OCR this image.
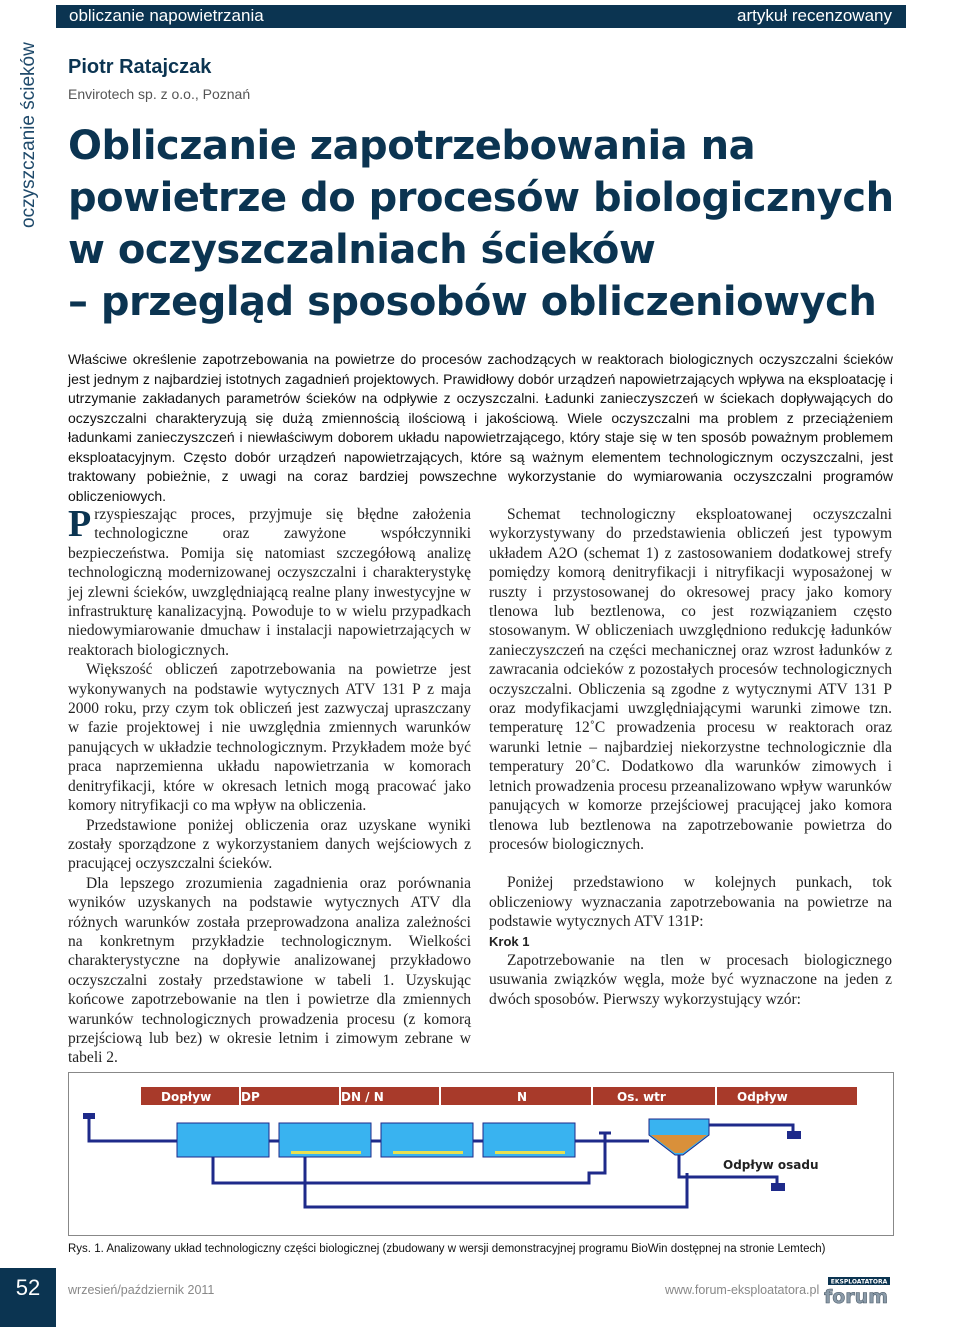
obliczanie napowietrzania	artykuł recenzowany
oczyszczanie ścieków Piotr Ratajczak
Envirotech sp. z o.o., Poznań
Obliczanie zapotrzebowania na
powietrze do procesów biologicznych
w oczyszczalniach ścieków
– przegląd sposobów obliczeniowych
Właściwe określenie zapotrzebowania na powietrze do procesów zachodzących w reaktorach biologicznych oczyszczalni ścieków jest jednym z najbardziej istotnych zagadnień projektowych. Prawidłowy dobór urządzeń napowietrzających wpływa na eksploatację i utrzymanie zakładanych parametrów ścieków na odpływie z oczyszczalni. Ładunki zanieczyszczeń w ściekach dopływających do oczyszczalni charakteryzują się dużą zmiennością ilościową i jakościową. Wiele oczyszczalni ma problem z przeciążeniem ładunkami zanieczyszczeń i niewłaściwym doborem układu napowietrzającego, który staje się w ten sposób poważnym problemem eksploatacyjnym. Często dobór urządzeń napowietrzających, które są ważnym elementem technologicznym oczyszczalni, jest traktowany pobieżnie, z uwagi na coraz bardziej powszechne wykorzystanie do wymiarowania oczyszczalni programów obliczeniowych.

Przyspieszając proces, przyjmuje się błędne założenia technologiczne oraz zawyżone współczynniki bezpieczeństwa. Pomija się natomiast szczegółową analizę technologiczną modernizowanej oczyszczalni i charakterystykę jej zlewni ścieków, uwzględniającą realne plany inwestycyjne w infrastrukturę kanalizacyjną. Powoduje to w wielu przypadkach niedowymiarowanie dmuchaw i instalacji napowietrzających w reaktorach biologicznych.

Większość obliczeń zapotrzebowania na powietrze jest wykonywanych na podstawie wytycznych ATV 131 P z maja 2000 roku, przy czym tok obliczeń jest zazwyczaj upraszczany w fazie projektowej i nie uwzględnia zmiennych warunków panujących w układzie technologicznym. Przykładem może być praca naprzemienna układu napowietrzania w komorach denitryfikacji, które w okresach letnich mogą pracować jako komory nitryfikacji co ma wpływ na obliczenia.

Przedstawione poniżej obliczenia oraz uzyskane wyniki zostały sporządzone z wykorzystaniem danych wejściowych z pracującej oczyszczalni ścieków.

Dla lepszego zrozumienia zagadnienia oraz porównania wyników uzyskanych na podstawie wytycznych ATV dla różnych warunków została przeprowadzona analiza zależności na konkretnym przykładzie technologicznym. Wielkości charakterystyczne na dopływie analizowanej przykładowo oczyszczalni zostały przedstawione w tabeli 1. Uzyskując końcowe zapotrzebowanie na tlen i powietrze dla zmiennych warunków technologicznych prowadzenia procesu (z komorą przejściową lub bez) w okresie letnim i zimowym zebrane w tabeli 2.

Schemat technologiczny eksploatowanej oczyszczalni wykorzystywany do przedstawienia obliczeń jest typowym układem A2O (schemat 1) z zastosowaniem dodatkowej strefy pomiędzy komorą denitryfikacji i nitryfikacji wyposażonej w ruszty i przystosowanej do okresowej pracy jako komory tlenowa lub beztlenowa, co jest rozwiązaniem często stosowanym. W obliczeniach uwzględniono redukcję ładunków zanieczyszczeń na części mechanicznej oraz wzrost ładunków z zawracania odcieków z pozostałych procesów technologicznych oczyszczalni. Obliczenia są zgodne z wytycznymi ATV 131 P oraz modyfikacjami uwzględniającymi warunki zimowe tzn. temperaturę 12˚C prowadzenia procesu w reaktorach oraz warunki letnie – najbardziej niekorzystne technologicznie dla temperatury 20˚C. Dodatkowo dla warunków zimowych i letnich prowadzenia procesu przeanalizowano wpływ warunków panujących w komorze przejściowej pracującej jako komora tlenowa lub beztlenowa na zapotrzebowanie powietrza do procesów biologicznych.

Poniżej przedstawiono w kolejnych punkach, tok obliczeniowy wyznaczania zapotrzebowania na powietrze na podstawie wytycznych ATV 131P:

Krok 1

Zapotrzebowanie na tlen w procesach biologicznego usuwania związków węgla, może być wyznaczone na jeden z dwóch sposobów. Pierwszy wykorzystujący wzór:

Dopływ DP	DN / N	N	Os. wtr	Odpływ
Odpływ osadu
Rys. 1. Analizowany układ technologiczny części biologicznej (zbudowany w wersji demonstracyjnej programu BioWin dostępnej na stronie Lemtech)
52	wrzesień/październik 2011	www.forum-eksploatatora.pl
EKSPLOATATORA
forum
